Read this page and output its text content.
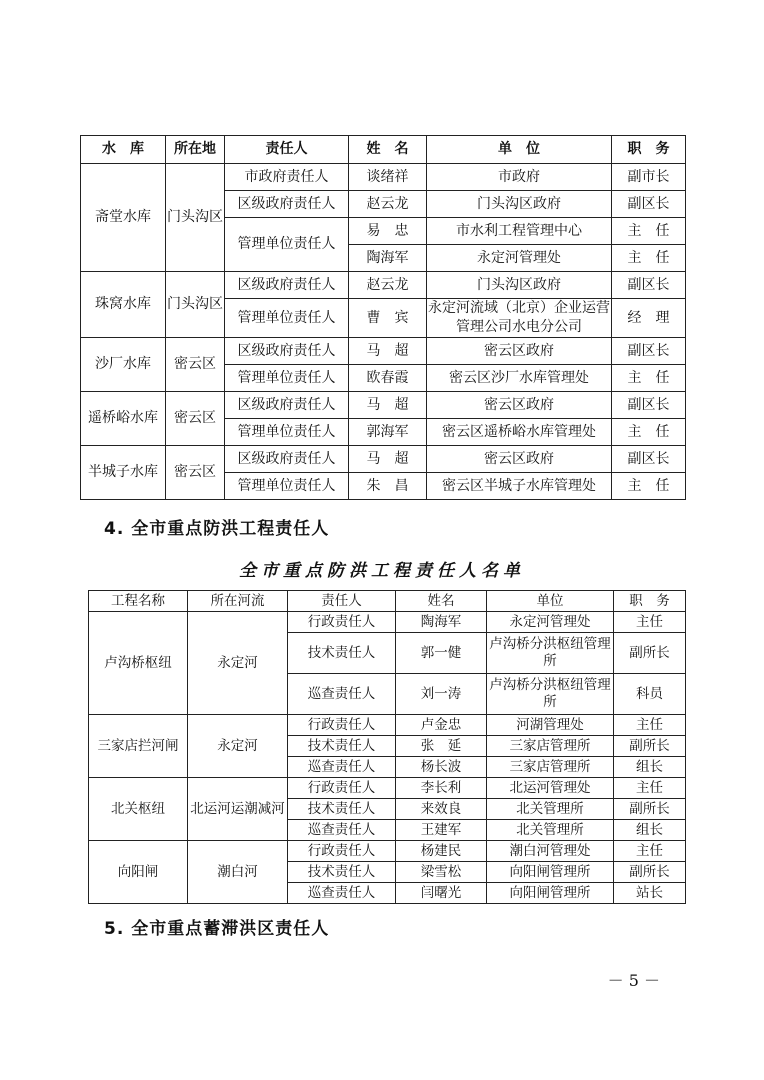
水　库	所在地	责任人	姓　名	单　位	职　务
斋堂水库	门头沟区	市政府责任人	谈绪祥	市政府	副市长
		区级政府责任人	赵云龙	门头沟区政府	副区长
		管理单位责任人	易　忠	市水利工程管理中心	主　任
			陶海军	永定河管理处	主　任
珠窝水库	门头沟区	区级政府责任人	赵云龙	门头沟区政府	副区长
		管理单位责任人	曹　宾	永定河流域（北京）企业运营管理公司水电分公司	经　理
沙厂水库	密云区	区级政府责任人	马　超	密云区政府	副区长
		管理单位责任人	欧春霞	密云区沙厂水库管理处	主　任
遥桥峪水库	密云区	区级政府责任人	马　超	密云区政府	副区长
		管理单位责任人	郭海军	密云区遥桥峪水库管理处	主　任
半城子水库	密云区	区级政府责任人	马　超	密云区政府	副区长
		管理单位责任人	朱　昌	密云区半城子水库管理处	主　任
4. 全市重点防洪工程责任人
全市重点防洪工程责任人名单
工程名称	所在河流	责任人	姓名	单位	职　务
卢沟桥枢纽	永定河	行政责任人	陶海军	永定河管理处	主任
		技术责任人	郭一健	卢沟桥分洪枢纽管理所	副所长
		巡查责任人	刘一涛	卢沟桥分洪枢纽管理所	科员
三家店拦河闸	永定河	行政责任人	卢金忠	河湖管理处	主任
		技术责任人	张　延	三家店管理所	副所长
		巡查责任人	杨长波	三家店管理所	组长
北关枢纽	北运河运潮减河	行政责任人	李长利	北运河管理处	主任
		技术责任人	来效良	北关管理所	副所长
		巡查责任人	王建军	北关管理所	组长
向阳闸	潮白河	行政责任人	杨建民	潮白河管理处	主任
		技术责任人	梁雪松	向阳闸管理所	副所长
		巡查责任人	闫曙光	向阳闸管理所	站长
5. 全市重点蓄滞洪区责任人
－ 5 －
